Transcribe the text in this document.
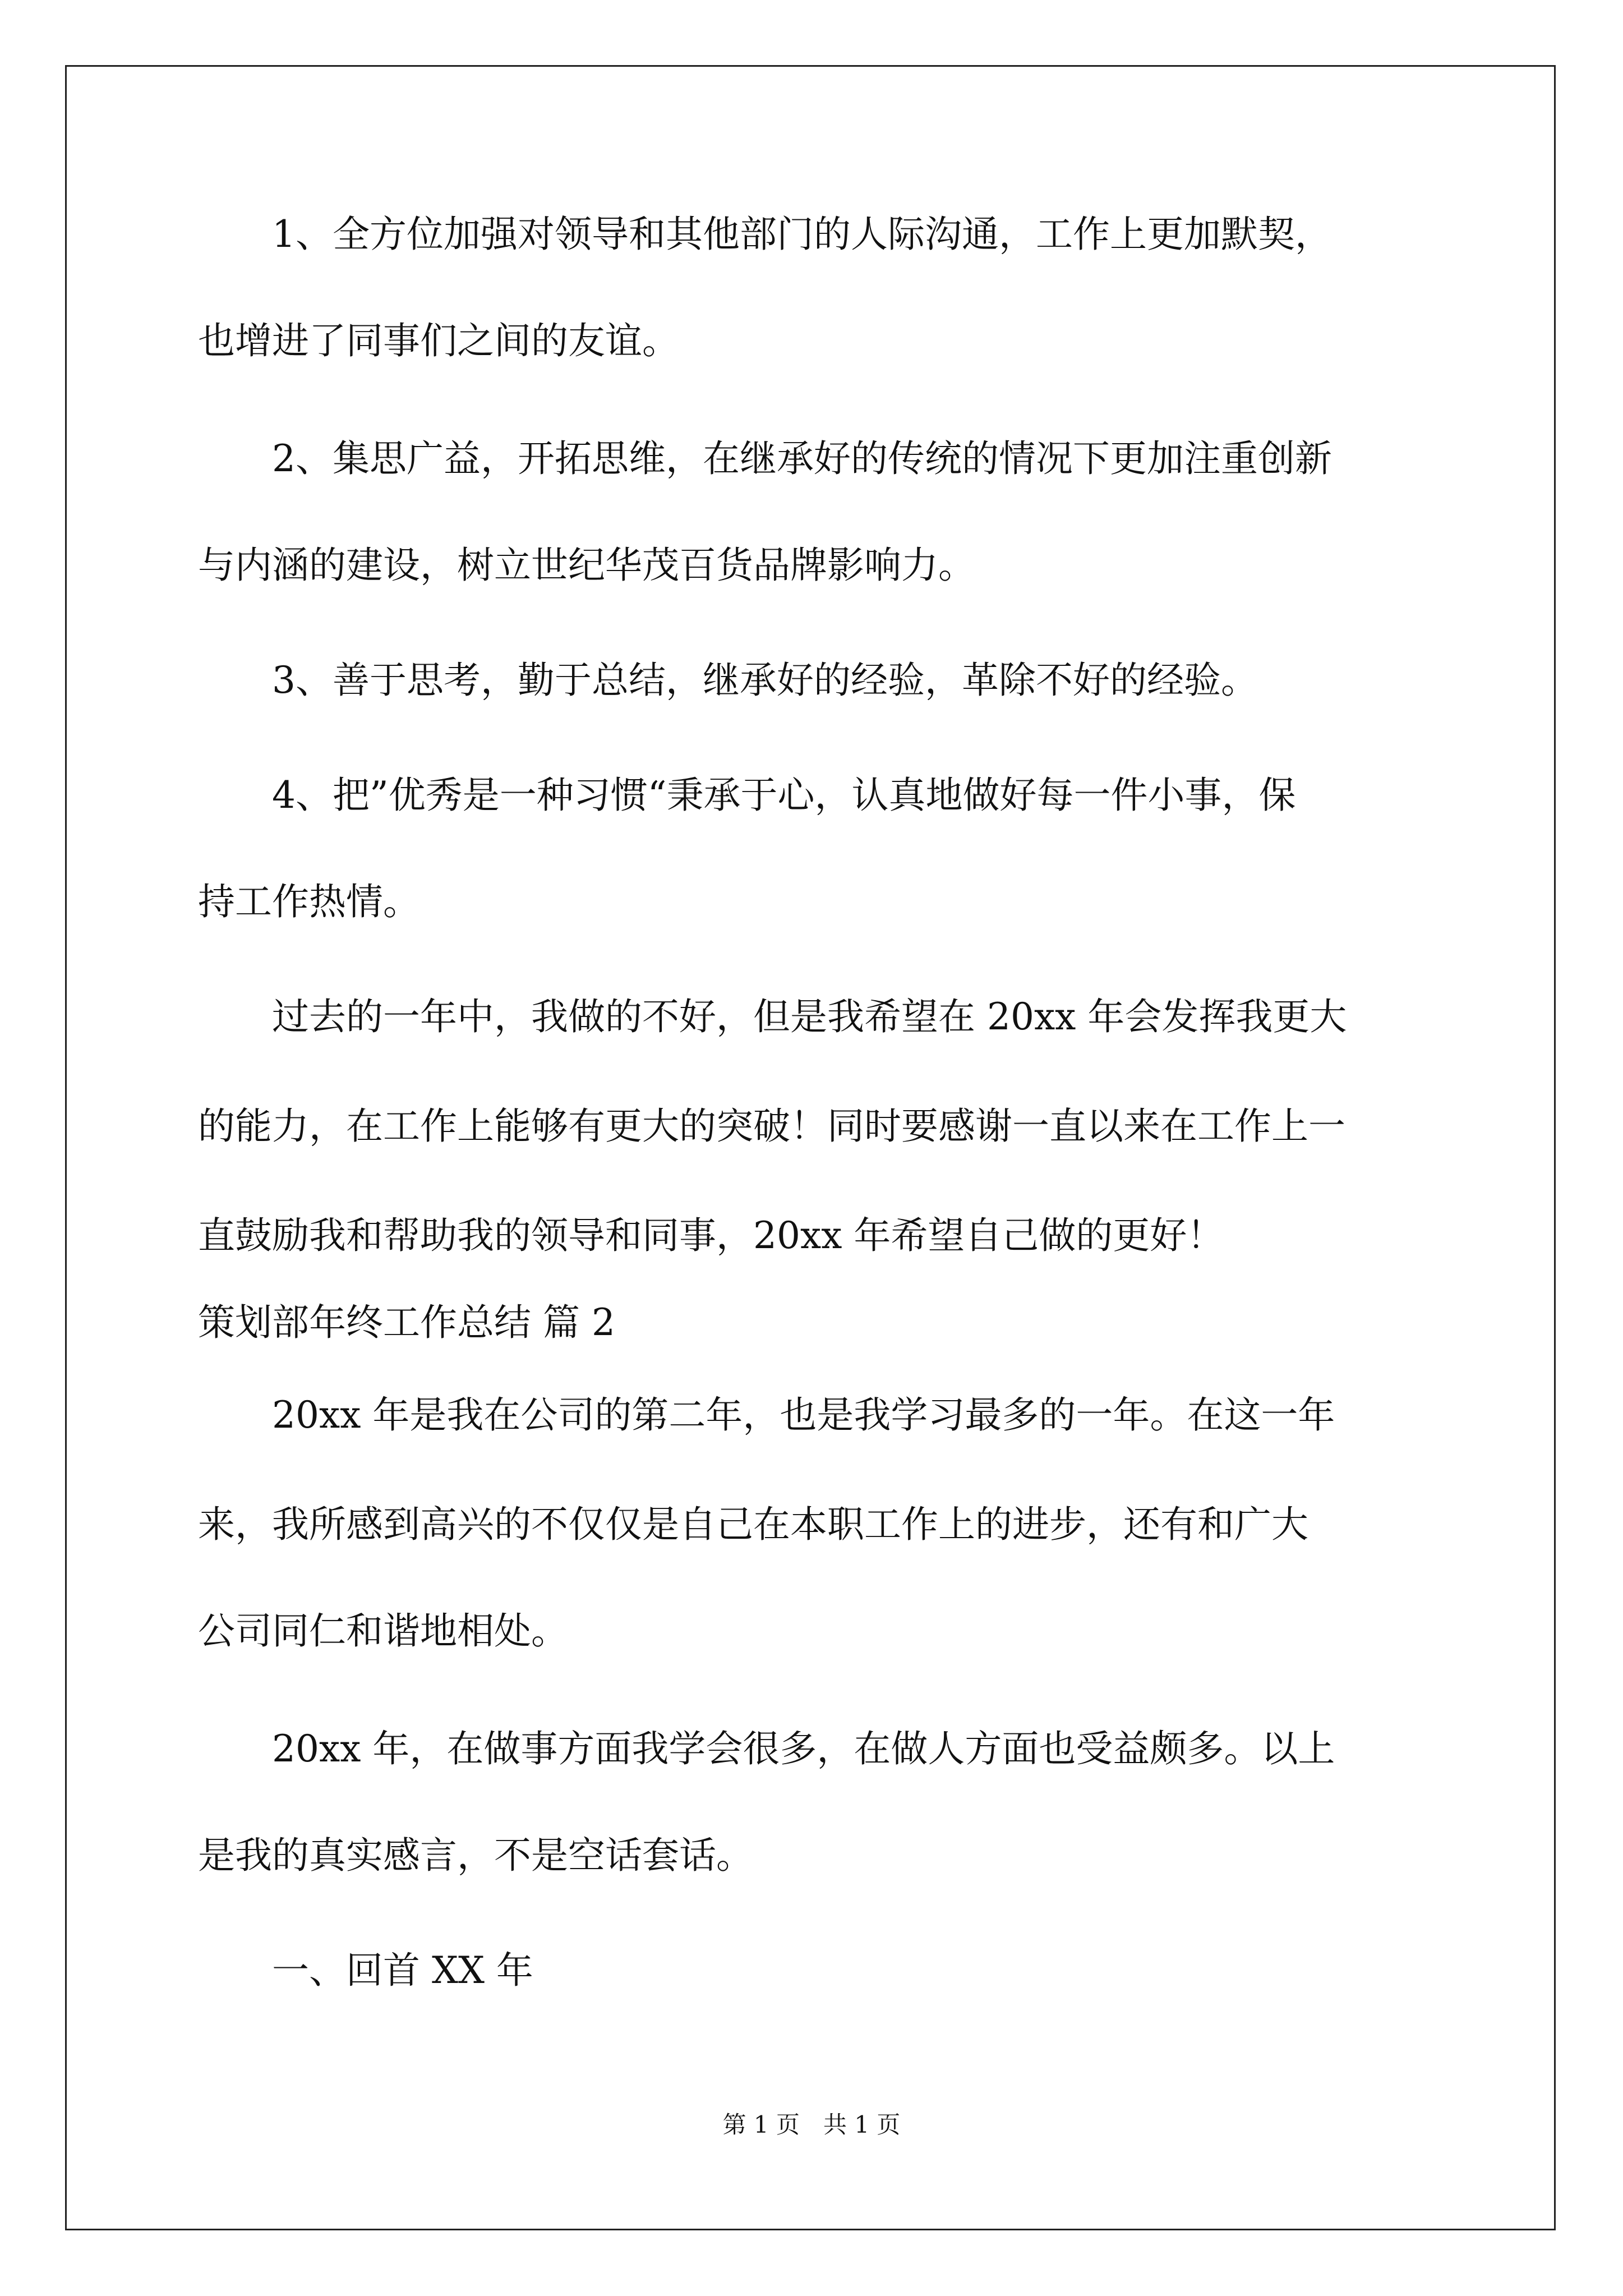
　　1、全方位加强对领导和其他部门的人际沟通，工作上更加默契，
也增进了同事们之间的友谊。
　　2、集思广益，开拓思维，在继承好的传统的情况下更加注重创新
与内涵的建设，树立世纪华茂百货品牌影响力。
　　3、善于思考，勤于总结，继承好的经验，革除不好的经验。
　　4、把”优秀是一种习惯“秉承于心，认真地做好每一件小事，保
持工作热情。
　　过去的一年中，我做的不好，但是我希望在 20xx 年会发挥我更大
的能力，在工作上能够有更大的突破！同时要感谢一直以来在工作上一
直鼓励我和帮助我的领导和同事，20xx 年希望自己做的更好！
策划部年终工作总结 篇 2
　　20xx 年是我在公司的第二年，也是我学习最多的一年。在这一年
来，我所感到高兴的不仅仅是自己在本职工作上的进步，还有和广大
公司同仁和谐地相处。
　　20xx 年，在做事方面我学会很多，在做人方面也受益颇多。以上
是我的真实感言，不是空话套话。
　　一、回首 XX 年
第 1 页　共 1 页
